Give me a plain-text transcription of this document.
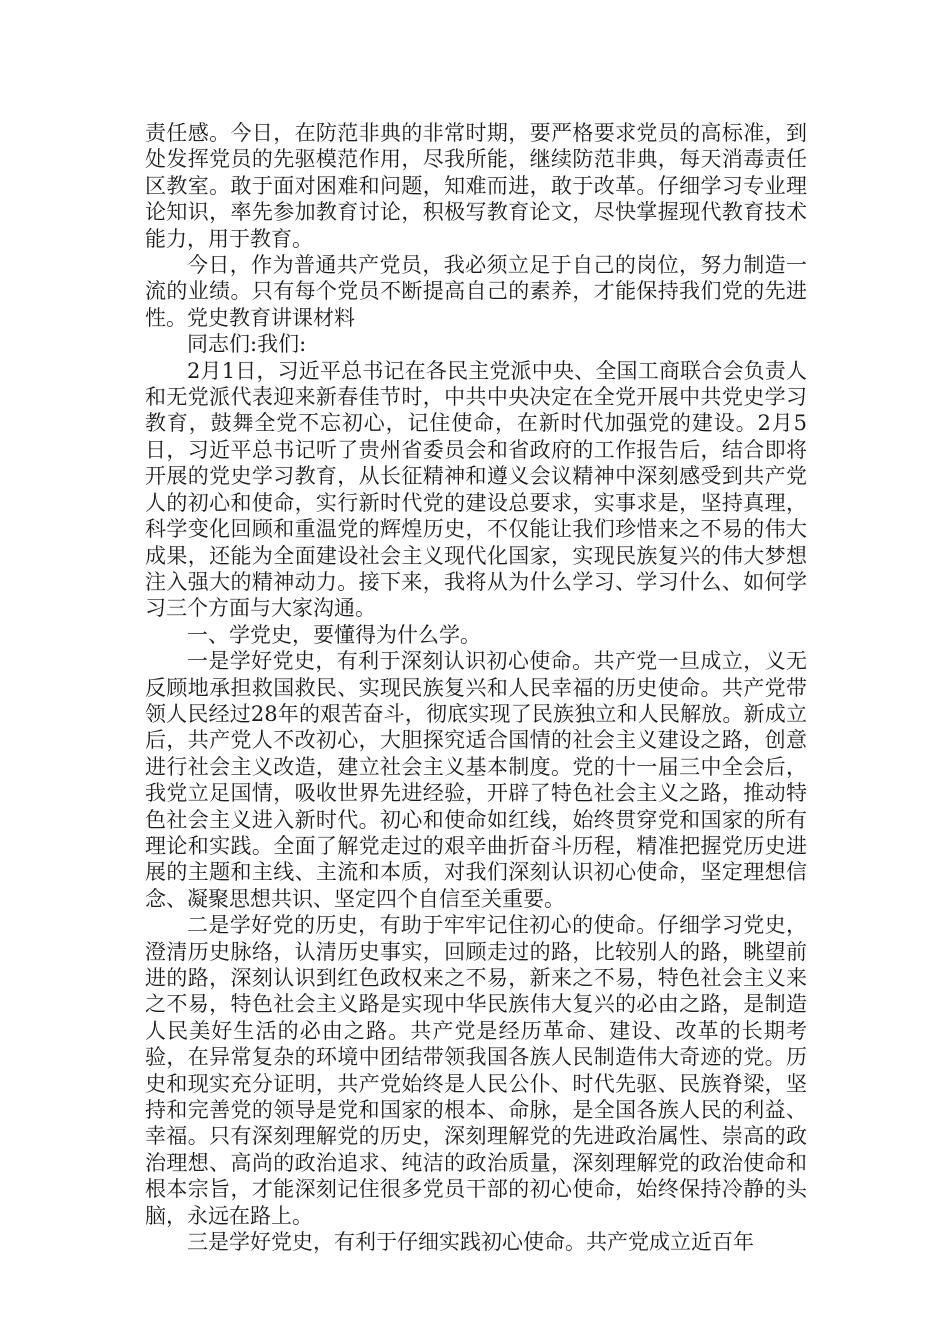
责任感。今日，在防范非典的非常时期，要严格要求党员的高标准，到处发挥党员的先驱模范作用，尽我所能，继续防范非典，每天消毒责任区教室。敢于面对困难和问题，知难而进，敢于改革。仔细学习专业理论知识，率先参加教育讨论，积极写教育论文，尽快掌握现代教育技术能力，用于教育。

今日，作为普通共产党员，我必须立足于自己的岗位，努力制造一流的业绩。只有每个党员不断提高自己的素养，才能保持我们党的先进性。党史教育讲课材料

同志们:我们:

2月1日，习近平总书记在各民主党派中央、全国工商联合会负责人和无党派代表迎来新春佳节时，中共中央决定在全党开展中共党史学习教育，鼓舞全党不忘初心，记住使命，在新时代加强党的建设。2月5日，习近平总书记听了贵州省委员会和省政府的工作报告后，结合即将开展的党史学习教育，从长征精神和遵义会议精神中深刻感受到共产党人的初心和使命，实行新时代党的建设总要求，实事求是，坚持真理，科学变化回顾和重温党的辉煌历史，不仅能让我们珍惜来之不易的伟大成果，还能为全面建设社会主义现代化国家，实现民族复兴的伟大梦想注入强大的精神动力。接下来，我将从为什么学习、学习什么、如何学习三个方面与大家沟通。

一、学党史，要懂得为什么学。

一是学好党史，有利于深刻认识初心使命。共产党一旦成立，义无反顾地承担救国救民、实现民族复兴和人民幸福的历史使命。共产党带领人民经过28年的艰苦奋斗，彻底实现了民族独立和人民解放。新成立后，共产党人不改初心，大胆探究适合国情的社会主义建设之路，创意进行社会主义改造，建立社会主义基本制度。党的十一届三中全会后，我党立足国情，吸收世界先进经验，开辟了特色社会主义之路，推动特色社会主义进入新时代。初心和使命如红线，始终贯穿党和国家的所有理论和实践。全面了解党走过的艰辛曲折奋斗历程，精准把握党历史进展的主题和主线、主流和本质，对我们深刻认识初心使命，坚定理想信念、凝聚思想共识、坚定四个自信至关重要。

二是学好党的历史，有助于牢牢记住初心的使命。仔细学习党史，澄清历史脉络，认清历史事实，回顾走过的路，比较别人的路，眺望前进的路，深刻认识到红色政权来之不易，新来之不易，特色社会主义来之不易，特色社会主义路是实现中华民族伟大复兴的必由之路，是制造人民美好生活的必由之路。共产党是经历革命、建设、改革的长期考验，在异常复杂的环境中团结带领我国各族人民制造伟大奇迹的党。历史和现实充分证明，共产党始终是人民公仆、时代先驱、民族脊梁，坚持和完善党的领导是党和国家的根本、命脉，是全国各族人民的利益、幸福。只有深刻理解党的历史，深刻理解党的先进政治属性、崇高的政治理想、高尚的政治追求、纯洁的政治质量，深刻理解党的政治使命和根本宗旨，才能深刻记住很多党员干部的初心使命，始终保持冷静的头脑，永远在路上。

三是学好党史，有利于仔细实践初心使命。共产党成立近百年
